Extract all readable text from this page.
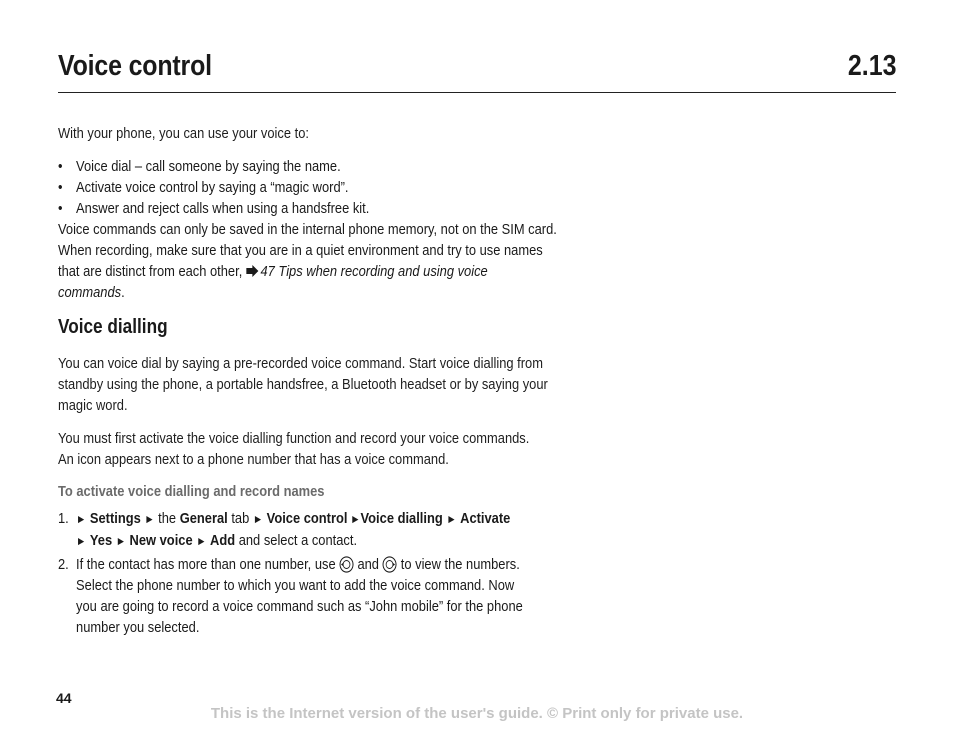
Voice control	2.13
With your phone, you can use your voice to:
• Voice dial – call someone by saying the name.
• Activate voice control by saying a “magic word”.
• Answer and reject calls when using a handsfree kit.
Voice commands can only be saved in the internal phone memory, not on the SIM card.
When recording, make sure that you are in a quiet environment and try to use names
that are distinct from each other, 47 Tips when recording and using voice
commands.
Voice dialling
You can voice dial by saying a pre-recorded voice command. Start voice dialling from
standby using the phone, a portable handsfree, a Bluetooth headset or by saying your
magic word.
You must first activate the voice dialling function and record your voice commands.
An icon appears next to a phone number that has a voice command.
To activate voice dialling and record names
1. ► Settings ► the General tab ► Voice control ►Voice dialling ► Activate
► Yes ► New voice ► Add and select a contact.
2. If the contact has more than one number, use and to view the numbers.
Select the phone number to which you want to add the voice command. Now
you are going to record a voice command such as “John mobile” for the phone
number you selected.
44
This is the Internet version of the user's guide. © Print only for private use.
